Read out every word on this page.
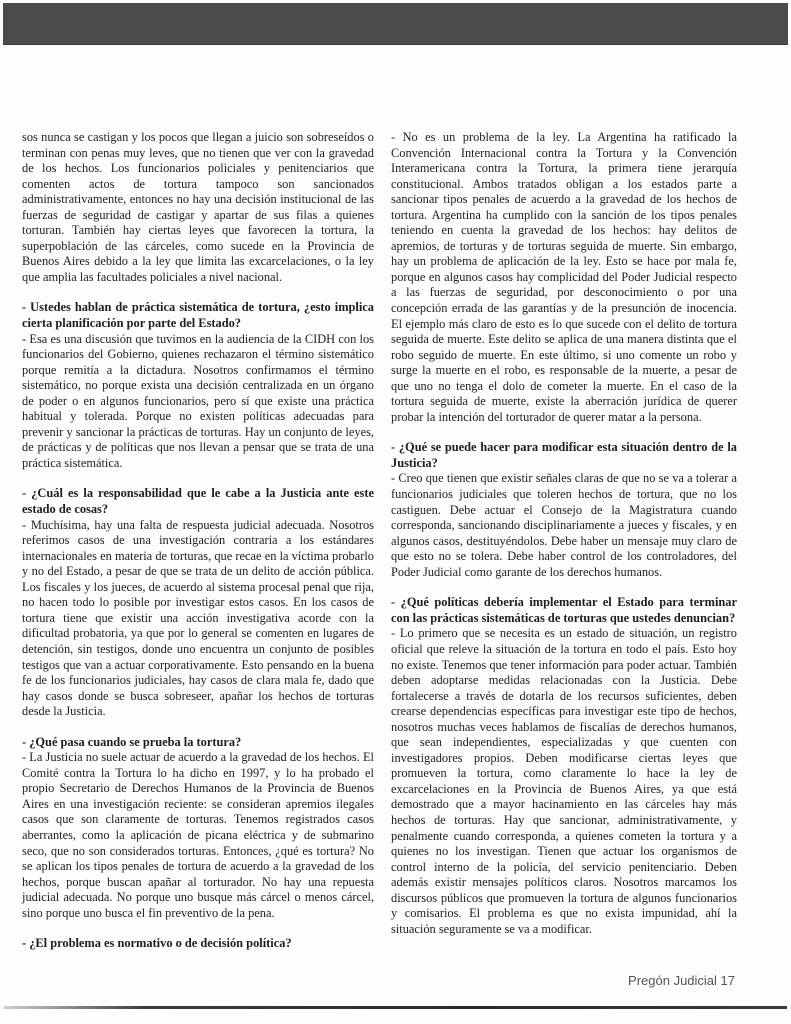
sos nunca se castigan y los pocos que llegan a juicio son sobreseídos o terminan con penas muy leves, que no tienen que ver con la gravedad de los hechos. Los funcionarios policiales y penitenciarios que comenten actos de tortura tampoco son sancionados administrativamente, entonces no hay una decisión institucional de las fuerzas de seguridad de castigar y apartar de sus filas a quienes torturan. También hay ciertas leyes que favorecen la tortura, la superpoblación de las cárceles, como sucede en la Provincia de Buenos Aires debido a la ley que limita las excarcelaciones, o la ley que amplia las facultades policiales a nivel nacional.
- Ustedes hablan de práctica sistemática de tortura, ¿esto implica cierta planificación por parte del Estado?
- Esa es una discusión que tuvimos en la audiencia de la CIDH con los funcionarios del Gobierno, quienes rechazaron el término sistemático porque remitía a la dictadura. Nosotros confirmamos el término sistemático, no porque exista una decisión centralizada en un órgano de poder o en algunos funcionarios, pero sí que existe una práctica habitual y tolerada. Porque no existen políticas adecuadas para prevenir y sancionar la prácticas de torturas. Hay un conjunto de leyes, de prácticas y de políticas que nos llevan a pensar que se trata de una práctica sistemática.
- ¿Cuál es la responsabilidad que le cabe a la Justicia ante este estado de cosas?
- Muchísima, hay una falta de respuesta judicial adecuada. Nosotros referimos casos de una investigación contraria a los estándares internacionales en materia de torturas, que recae en la víctima probarlo y no del Estado, a pesar de que se trata de un delito de acción pública. Los fiscales y los jueces, de acuerdo al sistema procesal penal que rija, no hacen todo lo posible por investigar estos casos. En los casos de tortura tiene que existir una acción investigativa acorde con la dificultad probatoria, ya que por lo general se comenten en lugares de detención, sin testigos, donde uno encuentra un conjunto de posibles testigos que van a actuar corporativamente. Esto pensando en la buena fe de los funcionarios judiciales, hay casos de clara mala fe, dado que hay casos donde se busca sobreseer, apañar los hechos de torturas desde la Justicia.
- ¿Qué pasa cuando se prueba la tortura?
- La Justicia no suele actuar de acuerdo a la gravedad de los hechos. El Comité contra la Tortura lo ha dicho en 1997, y lo ha probado el propio Secretario de Derechos Humanos de la Provincia de Buenos Aires en una investigación reciente: se consideran apremios ilegales casos que son claramente de torturas. Tenemos registrados casos aberrantes, como la aplicación de picana eléctrica y de submarino seco, que no son considerados torturas. Entonces, ¿qué es tortura? No se aplican los tipos penales de tortura de acuerdo a la gravedad de los hechos, porque buscan apañar al torturador. No hay una repuesta judicial adecuada. No porque uno busque más cárcel o menos cárcel, sino porque uno busca el fin preventivo de la pena.
- ¿El problema es normativo o de decisión política?
- No es un problema de la ley. La Argentina ha ratificado la Convención Internacional contra la Tortura y la Convención Interamericana contra la Tortura, la primera tiene jerarquía constitucional. Ambos tratados obligan a los estados parte a sancionar tipos penales de acuerdo a la gravedad de los hechos de tortura. Argentina ha cumplido con la sanción de los tipos penales teniendo en cuenta la gravedad de los hechos: hay delitos de apremios, de torturas y de torturas seguida de muerte. Sin embargo, hay un problema de aplicación de la ley. Esto se hace por mala fe, porque en algunos casos hay complicidad del Poder Judicial respecto a las fuerzas de seguridad, por desconocimiento o por una concepción errada de las garantías y de la presunción de inocencia. El ejemplo más claro de esto es lo que sucede con el delito de tortura seguida de muerte. Este delito se aplica de una manera distinta que el robo seguido de muerte. En este último, si uno comente un robo y surge la muerte en el robo, es responsable de la muerte, a pesar de que uno no tenga el dolo de cometer la muerte. En el caso de la tortura seguida de muerte, existe la aberración jurídica de querer probar la intención del torturador de querer matar a la persona.
- ¿Qué se puede hacer para modificar esta situación dentro de la Justicia?
- Creo que tienen que existir señales claras de que no se va a tolerar a funcionarios judiciales que toleren hechos de tortura, que no los castiguen. Debe actuar el Consejo de la Magistratura cuando corresponda, sancionando disciplinariamente a jueces y fiscales, y en algunos casos, destituyéndolos. Debe haber un mensaje muy claro de que esto no se tolera. Debe haber control de los controladores, del Poder Judicial como garante de los derechos humanos.
- ¿Qué políticas debería implementar el Estado para terminar con las prácticas sistemáticas de torturas que ustedes denuncian?
- Lo primero que se necesita es un estado de situación, un registro oficial que releve la situación de la tortura en todo el país. Esto hoy no existe. Tenemos que tener información para poder actuar. También deben adoptarse medidas relacionadas con la Justicia. Debe fortalecerse a través de dotarla de los recursos suficientes, deben crearse dependencias específicas para investigar este tipo de hechos, nosotros muchas veces hablamos de fiscalías de derechos humanos, que sean independientes, especializadas y que cuenten con investigadores propios. Deben modificarse ciertas leyes que promueven la tortura, como claramente lo hace la ley de excarcelaciones en la Provincia de Buenos Aires, ya que está demostrado que a mayor hacinamiento en las cárceles hay más hechos de torturas. Hay que sancionar, administrativamente, y penalmente cuando corresponda, a quienes cometen la tortura y a quienes no los investigan. Tienen que actuar los organismos de control interno de la policía, del servicio penitenciario. Deben además existir mensajes políticos claros. Nosotros marcamos los discursos públicos que promueven la tortura de algunos funcionarios y comisarios. El problema es que no exista impunidad, ahí la situación seguramente se va a modificar.
Pregón Judicial 17
